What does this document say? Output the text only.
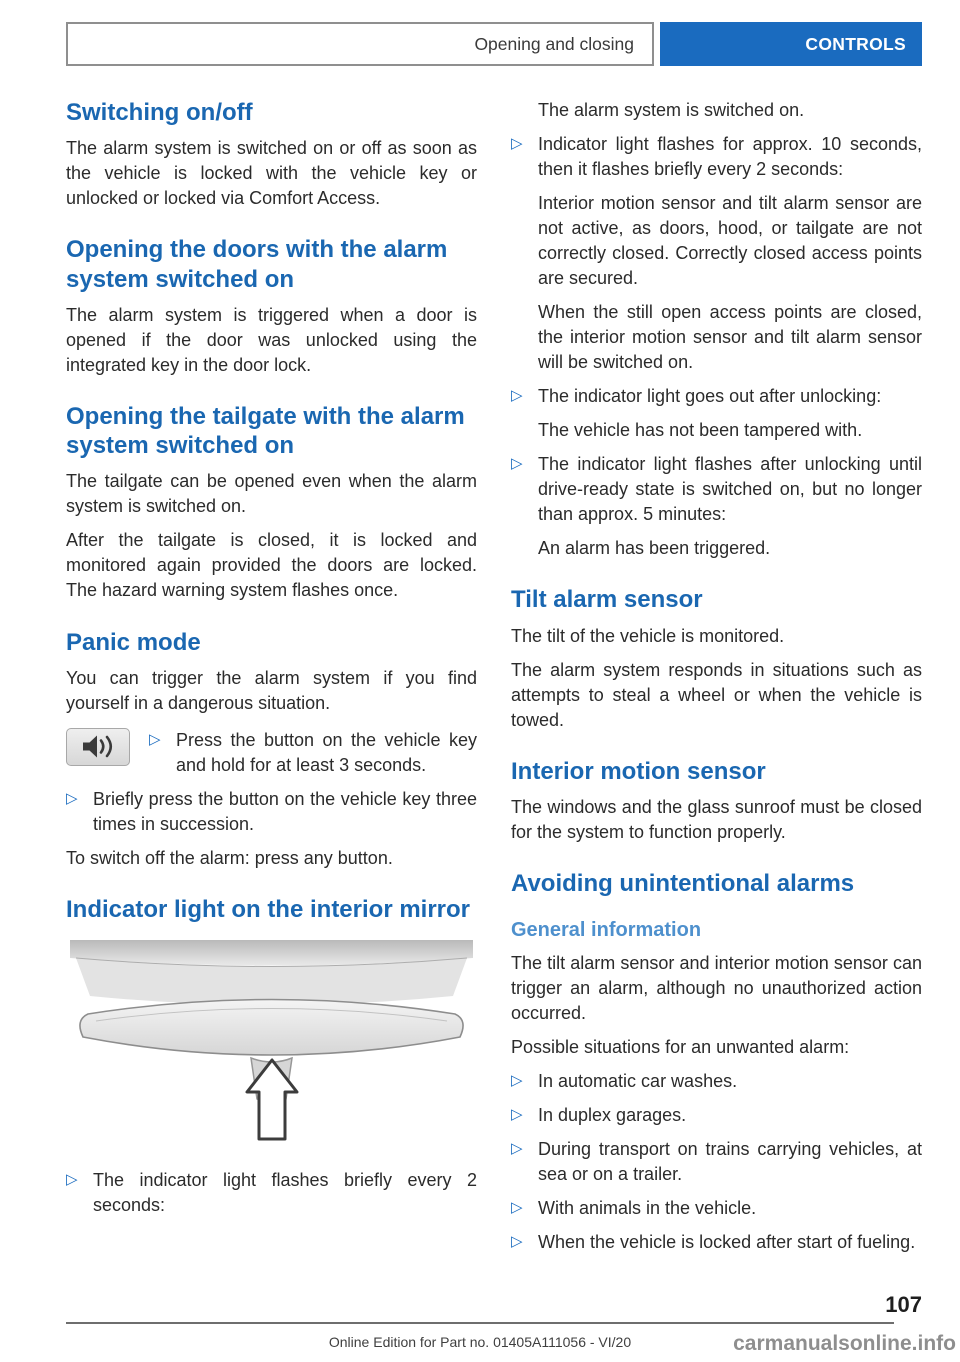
Opening and closing	CONTROLS
Switching on/off

The alarm system is switched on or off as soon as the vehicle is locked with the vehicle key or unlocked or locked via Comfort Access.

Opening the doors with the alarm system switched on

The alarm system is triggered when a door is opened if the door was unlocked using the integrated key in the door lock.

Opening the tailgate with the alarm system switched on

The tailgate can be opened even when the alarm system is switched on.

After the tailgate is closed, it is locked and monitored again provided the doors are locked. The hazard warning system flashes once.

Panic mode

You can trigger the alarm system if you find yourself in a dangerous situation.

▷

Press the button on the vehicle key and hold for at least 3 seconds.

▷

Briefly press the button on the vehicle key three times in succession.

To switch off the alarm: press any button.

Indicator light on the interior mirror
▷

The indicator light flashes briefly every 2 seconds:

The alarm system is switched on.

▷

Indicator light flashes for approx. 10 seconds, then it flashes briefly every 2 seconds:

Interior motion sensor and tilt alarm sensor are not active, as doors, hood, or tailgate are not correctly closed. Correctly closed access points are secured.

When the still open access points are closed, the interior motion sensor and tilt alarm sensor will be switched on.

▷

The indicator light goes out after unlocking:

The vehicle has not been tampered with.

▷

The indicator light flashes after unlocking until drive-ready state is switched on, but no longer than approx. 5 minutes:

An alarm has been triggered.

Tilt alarm sensor

The tilt of the vehicle is monitored.

The alarm system responds in situations such as attempts to steal a wheel or when the vehicle is towed.

Interior motion sensor

The windows and the glass sunroof must be closed for the system to function properly.

Avoiding unintentional alarms
General information

The tilt alarm sensor and interior motion sensor can trigger an alarm, although no unauthorized action occurred.

Possible situations for an unwanted alarm:

▷

In automatic car washes.

▷

In duplex garages.

▷

During transport on trains carrying vehicles, at sea or on a trailer.

▷

With animals in the vehicle.

▷

When the vehicle is locked after start of fueling.

107
Online Edition for Part no. 01405A111056 - VI/20	carmanualsonline.info
